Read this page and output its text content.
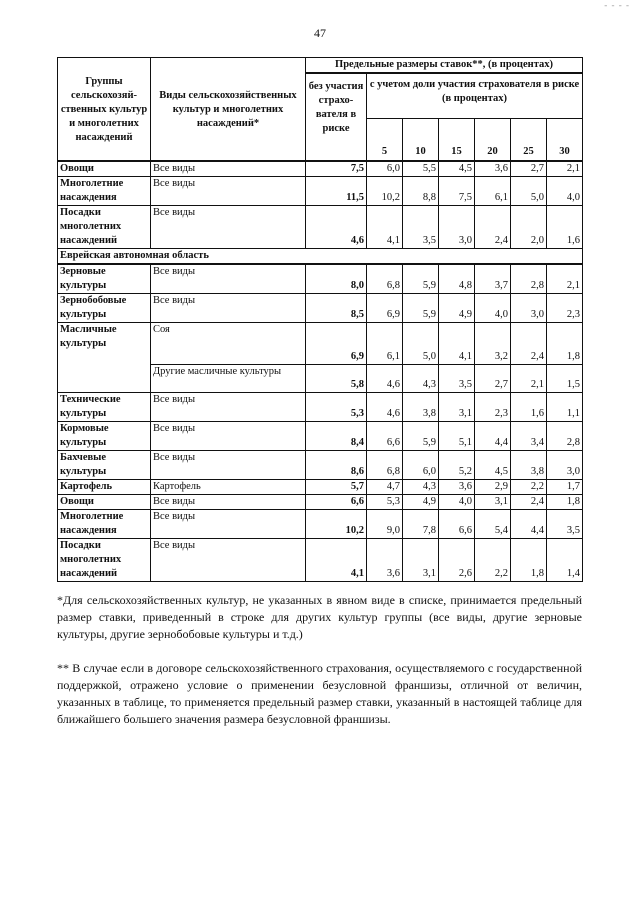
- - - -
47
Группы сельскохозяй-ственных культур и многолетних насаждений	Виды сельскохозяйственных культур и многолетних насаждений*	Предельные размеры ставок**, (в процентах)						
		без участия страхо-вателя в риске	с учетом доли участия страхователя в риске (в процентах)					
			5	10	15	20	25	30
Овощи	Все виды	7,5	6,0	5,5	4,5	3,6	2,7	2,1
Многолетние насаждения	Все виды	11,5	10,2	8,8	7,5	6,1	5,0	4,0
Посадки многолетних насаждений	Все виды	4,6	4,1	3,5	3,0	2,4	2,0	1,6
Еврейская автономная область								
Зерновые культуры	Все виды	8,0	6,8	5,9	4,8	3,7	2,8	2,1
Зернобобовые культуры	Все виды	8,5	6,9	5,9	4,9	4,0	3,0	2,3
Масличные культуры	Соя	6,9	6,1	5,0	4,1	3,2	2,4	1,8
	Другие масличные культуры	5,8	4,6	4,3	3,5	2,7	2,1	1,5
Технические культуры	Все виды	5,3	4,6	3,8	3,1	2,3	1,6	1,1
Кормовые культуры	Все виды	8,4	6,6	5,9	5,1	4,4	3,4	2,8
Бахчевые культуры	Все виды	8,6	6,8	6,0	5,2	4,5	3,8	3,0
Картофель	Картофель	5,7	4,7	4,3	3,6	2,9	2,2	1,7
Овощи	Все виды	6,6	5,3	4,9	4,0	3,1	2,4	1,8
Многолетние насаждения	Все виды	10,2	9,0	7,8	6,6	5,4	4,4	3,5
Посадки многолетних насаждений	Все виды	4,1	3,6	3,1	2,6	2,2	1,8	1,4
*Для сельскохозяйственных культур, не указанных в явном виде в списке, принимается предельный размер ставки, приведенный в строке для других культур группы (все виды, другие зерновые культуры, другие зернобобовые культуры и т.д.)
** В случае если в договоре сельскохозяйственного страхования, осуществляемого с государственной поддержкой, отражено условие о применении безусловной франшизы, отличной от величин, указанных в таблице, то применяется предельный размер ставки, указанный в настоящей таблице для ближайшего большего значения размера безусловной франшизы.
